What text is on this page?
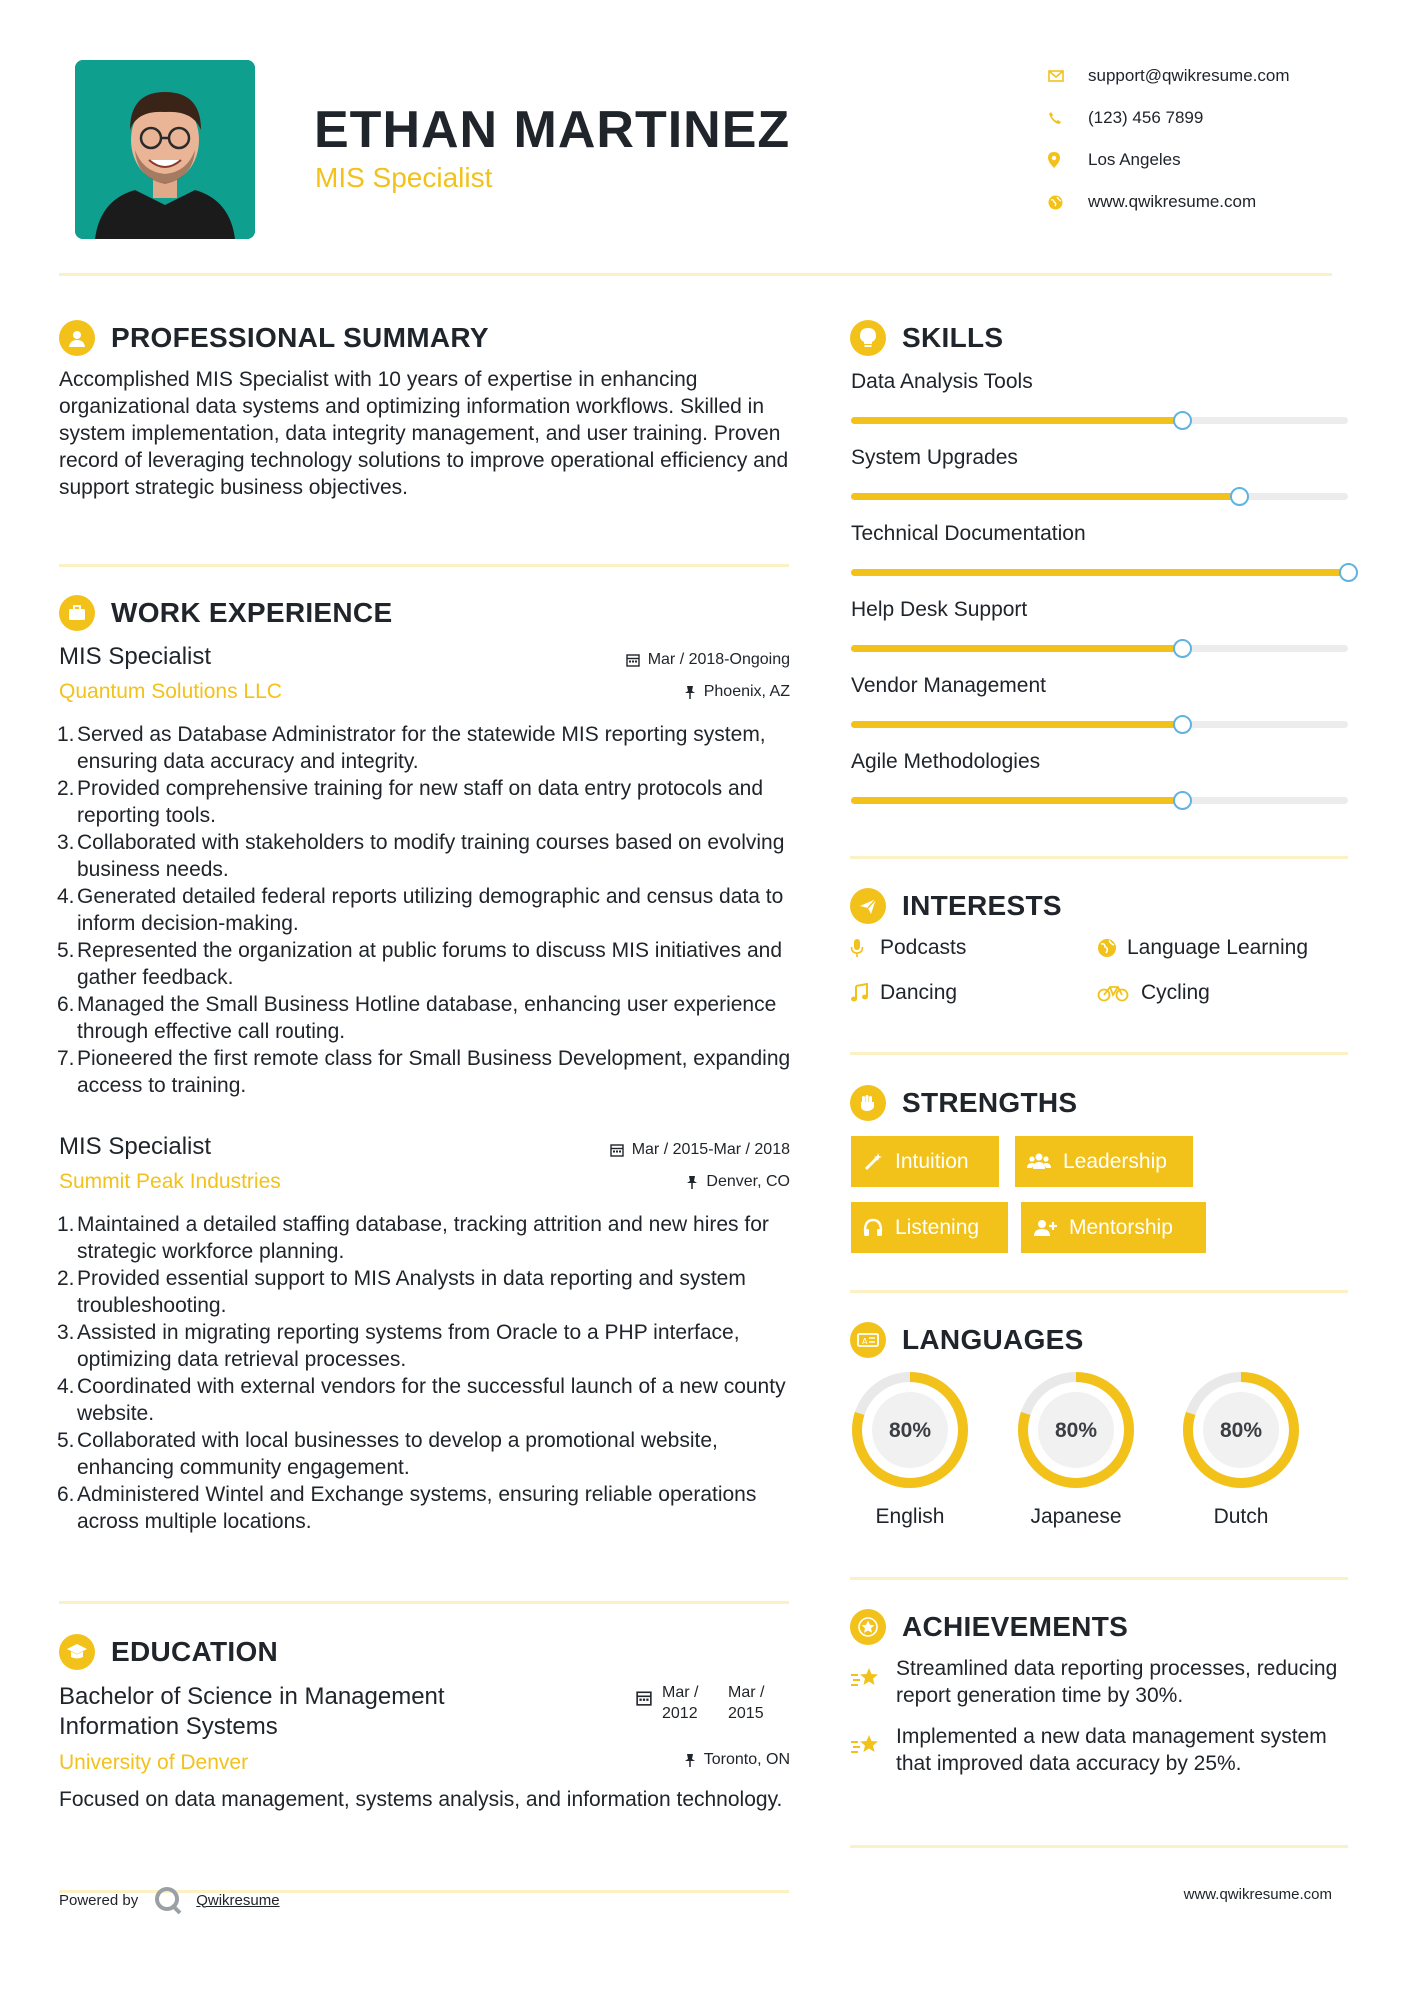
ETHAN MARTINEZ
MIS Specialist
support@qwikresume.com
(123) 456 7899
Los Angeles
www.qwikresume.com
PROFESSIONAL SUMMARY
Accomplished MIS Specialist with 10 years of expertise in enhancing organizational data systems and optimizing information workflows. Skilled in system implementation, data integrity management, and user training. Proven record of leveraging technology solutions to improve operational efficiency and support strategic business objectives.
WORK EXPERIENCE
MIS Specialist
Quantum Solutions LLC
Mar / 2018-Ongoing
Phoenix, AZ
1. Served as Database Administrator for the statewide MIS reporting system, ensuring data accuracy and integrity.
2. Provided comprehensive training for new staff on data entry protocols and reporting tools.
3. Collaborated with stakeholders to modify training courses based on evolving business needs.
4. Generated detailed federal reports utilizing demographic and census data to inform decision-making.
5. Represented the organization at public forums to discuss MIS initiatives and gather feedback.
6. Managed the Small Business Hotline database, enhancing user experience through effective call routing.
7. Pioneered the first remote class for Small Business Development, expanding access to training.
MIS Specialist
Summit Peak Industries
Mar / 2015-Mar / 2018
Denver, CO
1. Maintained a detailed staffing database, tracking attrition and new hires for strategic workforce planning.
2. Provided essential support to MIS Analysts in data reporting and system troubleshooting.
3. Assisted in migrating reporting systems from Oracle to a PHP interface, optimizing data retrieval processes.
4. Coordinated with external vendors for the successful launch of a new county website.
5. Collaborated with local businesses to develop a promotional website, enhancing community engagement.
6. Administered Wintel and Exchange systems, ensuring reliable operations across multiple locations.
EDUCATION
Bachelor of Science in Management
Information Systems
University of Denver
Mar /
2012
Mar /
2015
Toronto, ON
Focused on data management, systems analysis, and information technology.
SKILLS
Data Analysis Tools
System Upgrades
Technical Documentation
Help Desk Support
Vendor Management
Agile Methodologies
INTERESTS
Podcasts	Language Learning
Dancing	Cycling
STRENGTHS
Intuition	Leadership
Listening	Mentorship
A LANGUAGES
80%
English
80%
Japanese
80%
Dutch
ACHIEVEMENTS
Streamlined data reporting processes, reducing report generation time by 30%.
Implemented a new data management system that improved data accuracy by 25%.
Powered by	Qwikresume	www.qwikresume.com
